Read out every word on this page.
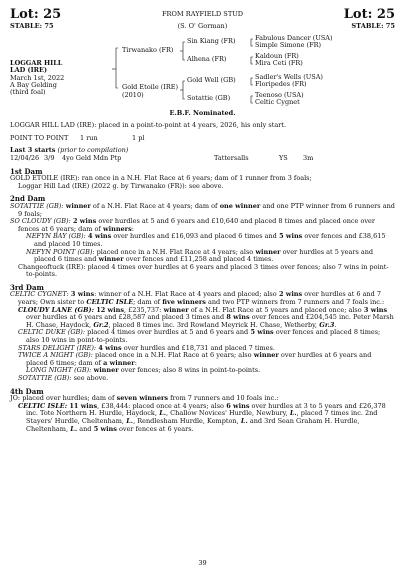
Lot: 25	FROM RAYFIELD STUD	Lot: 25
STABLE: 75	(S. O' Gorman)	STABLE: 75
LOGGAR HILL
LAD (IRE)
March 1st, 2022
A Bay Gelding
(third foal)
Tirwanako (FR)
Gold Etoile (IRE)
(2010)
Sin Kiang (FR)
Alhena (FR)
Gold Well (GB)
Sotattie (GB)
Fabulous Dancer (USA)
Simple Simone (FR)
Kaldoun (FR)
Mira Ceti (FR)
Sadler's Wells (USA)
Floripedes (FR)
Teenoso (USA)
Celtic Cygnet
E.B.F. Nominated.

LOGGAR HILL LAD (IRE): placed in a point-to-point at 4 years, 2026, his only start.

POINT TO POINT	1 run	1 pl

Last 3 starts (prior to compilation)

12/04/26 3/9	4yo Geld Mdn Ptp	Tattersalls	YS	3m
1st Dam

GOLD ETOILE (IRE): ran once in a N.H. Flat Race at 6 years; dam of 1 runner from 3 foals;

Loggar Hill Lad (IRE) (2022 g. by Tirwanako (FR)): see above.

2nd Dam

SOTATTIE (GB): winner of a N.H. Flat Race at 4 years; dam of one winner and one PTP winner from 6 runners and 9 foals;

SO CLOUDY (GB): 2 wins over hurdles at 5 and 6 years and £10,640 and placed 8 times and placed once over fences at 6 years; dam of winners:

NEFYN BAY (GB): 4 wins over hurdles and £16,093 and placed 6 times and 5 wins over fences and £38,615 and placed 10 times.

NEFYN POINT (GB): placed once in a N.H. Flat Race at 4 years; also winner over hurdles at 5 years and placed 6 times and winner over fences and £11,258 and placed 4 times.

Changeoftuck (IRE): placed 4 times over hurdles at 6 years and placed 3 times over fences; also 7 wins in point-to-points.

3rd Dam

CELTIC CYGNET: 3 wins: winner of a N.H. Flat Race at 4 years and placed; also 2 wins over hurdles at 6 and 7 years; Own sister to CELTIC ISLE; dam of five winners and two PTP winners from 7 runners and 7 foals inc.:

CLOUDY LANE (GB): 12 wins, £235,737: winner of a N.H. Flat Race at 5 years and placed once; also 3 wins over hurdles at 6 years and £28,587 and placed 3 times and 8 wins over fences and £204,545 inc. Peter Marsh H. Chase, Haydock, Gr.2, placed 8 times inc. 3rd Rowland Meyrick H. Chase, Wetherby, Gr.3.

CELTIC DUKE (GB): placed 4 times over hurdles at 5 and 6 years and 5 wins over fences and placed 8 times; also 10 wins in point-to-points.

STARS DELIGHT (IRE): 4 wins over hurdles and £18,731 and placed 7 times.

TWICE A NIGHT (GB): placed once in a N.H. Flat Race at 6 years; also winner over hurdles at 6 years and placed 6 times; dam of a winner:

LONG NIGHT (GB): winner over fences; also 8 wins in point-to-points.

SOTATTIE (GB): see above.

4th Dam

JO: placed over hurdles; dam of seven winners from 7 runners and 10 foals inc.:

CELTIC ISLE: 11 wins, £38,444: placed once at 4 years; also 6 wins over hurdles at 3 to 5 years and £26,378 inc. Tote Northern H. Hurdle, Haydock, L., Challow Novices' Hurdle, Newbury, L., placed 7 times inc. 2nd Stayers' Hurdle, Cheltenham, L., Rendlesham Hurdle, Kempton, L. and 3rd Sean Graham H. Hurdle, Cheltenham, L. and 5 wins over fences at 6 years.

39
